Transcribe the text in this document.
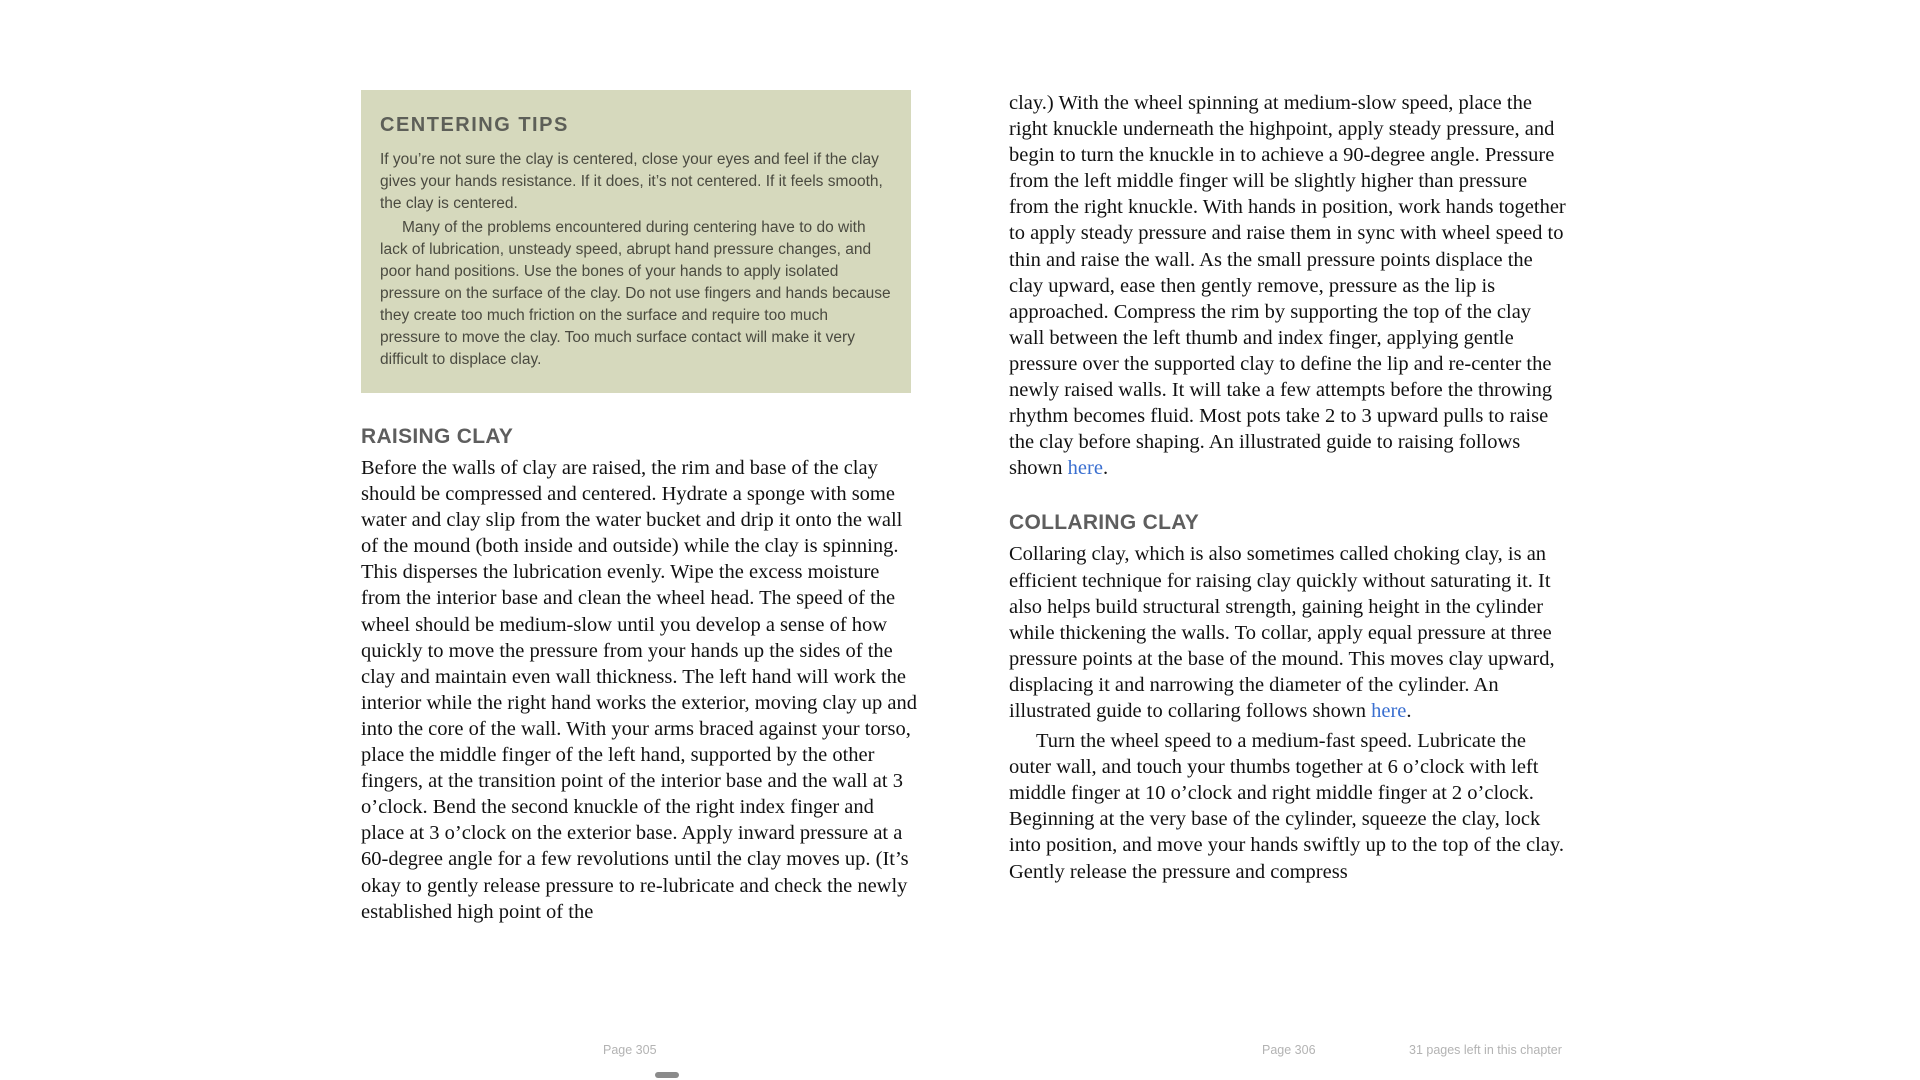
CENTERING TIPS

If you’re not sure the clay is centered, close your eyes and feel if the clay gives your hands resistance. If it does, it’s not centered. If it feels smooth, the clay is centered.

Many of the problems encountered during centering have to do with lack of lubrication, unsteady speed, abrupt hand pressure changes, and poor hand positions. Use the bones of your hands to apply isolated pressure on the surface of the clay. Do not use fingers and hands because they create too much friction on the surface and require too much pressure to move the clay. Too much surface contact will make it very difficult to displace clay.

RAISING CLAY

Before the walls of clay are raised, the rim and base of the clay should be compressed and centered. Hydrate a sponge with some water and clay slip from the water bucket and drip it onto the wall of the mound (both inside and outside) while the clay is spinning. This disperses the lubrication evenly. Wipe the excess moisture from the interior base and clean the wheel head. The speed of the wheel should be medium-slow until you develop a sense of how quickly to move the pressure from your hands up the sides of the clay and maintain even wall thickness. The left hand will work the interior while the right hand works the exterior, moving clay up and into the core of the wall. With your arms braced against your torso, place the middle finger of the left hand, supported by the other fingers, at the transition point of the interior base and the wall at 3 o’clock. Bend the second knuckle of the right index finger and place at 3 o’clock on the exterior base. Apply inward pressure at a 60-degree angle for a few revolutions until the clay moves up. (It’s okay to gently release pressure to re-lubricate and check the newly established high point of the

clay.) With the wheel spinning at medium-slow speed, place the right knuckle underneath the highpoint, apply steady pressure, and begin to turn the knuckle in to achieve a 90-degree angle. Pressure from the left middle finger will be slightly higher than pressure from the right knuckle. With hands in position, work hands together to apply steady pressure and raise them in sync with wheel speed to thin and raise the wall. As the small pressure points displace the clay upward, ease then gently remove, pressure as the lip is approached. Compress the rim by supporting the top of the clay wall between the left thumb and index finger, applying gentle pressure over the supported clay to define the lip and re-center the newly raised walls. It will take a few attempts before the throwing rhythm becomes fluid. Most pots take 2 to 3 upward pulls to raise the clay before shaping. An illustrated guide to raising follows shown here.

COLLARING CLAY

Collaring clay, which is also sometimes called choking clay, is an efficient technique for raising clay quickly without saturating it. It also helps build structural strength, gaining height in the cylinder while thickening the walls. To collar, apply equal pressure at three pressure points at the base of the mound. This moves clay upward, displacing it and narrowing the diameter of the cylinder. An illustrated guide to collaring follows shown here.

Turn the wheel speed to a medium-fast speed. Lubricate the outer wall, and touch your thumbs together at 6 o’clock with left middle finger at 10 o’clock and right middle finger at 2 o’clock. Beginning at the very base of the cylinder, squeeze the clay, lock into position, and move your hands swiftly up to the top of the clay. Gently release the pressure and compress

Page 305	Page 306	31 pages left in this chapter
